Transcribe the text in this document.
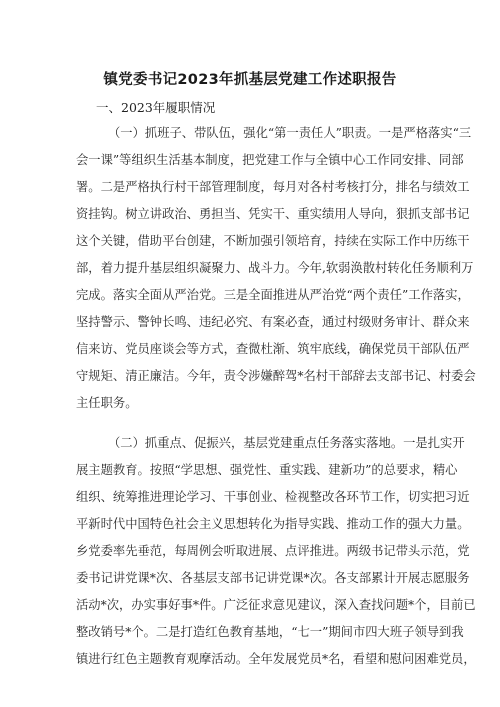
镇党委书记2023年抓基层党建工作述职报告
一、2023年履职情况
（一）抓班子、带队伍，强化“第一责任人”职责。一是严格落实“三
会一课”等组织生活基本制度，把党建工作与全镇中心工作同安排、同部
署。二是严格执行村干部管理制度，每月对各村考核打分，排名与绩效工
资挂钩。树立讲政治、勇担当、凭实干、重实绩用人导向，狠抓支部书记
这个关键，借助平台创建，不断加强引领培育，持续在实际工作中历练干
部，着力提升基层组织凝聚力、战斗力。今年,软弱涣散村转化任务顺利万
完成。落实全面从严治党。三是全面推进从严治党“两个责任”工作落实，
坚持警示、警钟长鸣、违纪必究、有案必查，通过村级财务审计、群众来
信来访、党员座谈会等方式，查微杜渐、筑牢底线，确保党员干部队伍严
守规矩、清正廉洁。今年，责令涉嫌醉驾*名村干部辞去支部书记、村委会
主任职务。
（二）抓重点、促振兴，基层党建重点任务落实落地。一是扎实开
展主题教育。按照“学思想、强党性、重实践、建新功”的总要求，精心
组织、统筹推进理论学习、干事创业、检视整改各环节工作，切实把习近
平新时代中国特色社会主义思想转化为指导实践、推动工作的强大力量。
乡党委率先垂范，每周例会听取进展、点评推进。两级书记带头示范，党
委书记讲党课*次、各基层支部书记讲党课*次。各支部累计开展志愿服务
活动*次，办实事好事*件。广泛征求意见建议，深入查找问题*个，目前已
整改销号*个。二是打造红色教育基地，“七一”期间市四大班子领导到我
镇进行红色主题教育观摩活动。全年发展党员*名，看望和慰问困难党员，
